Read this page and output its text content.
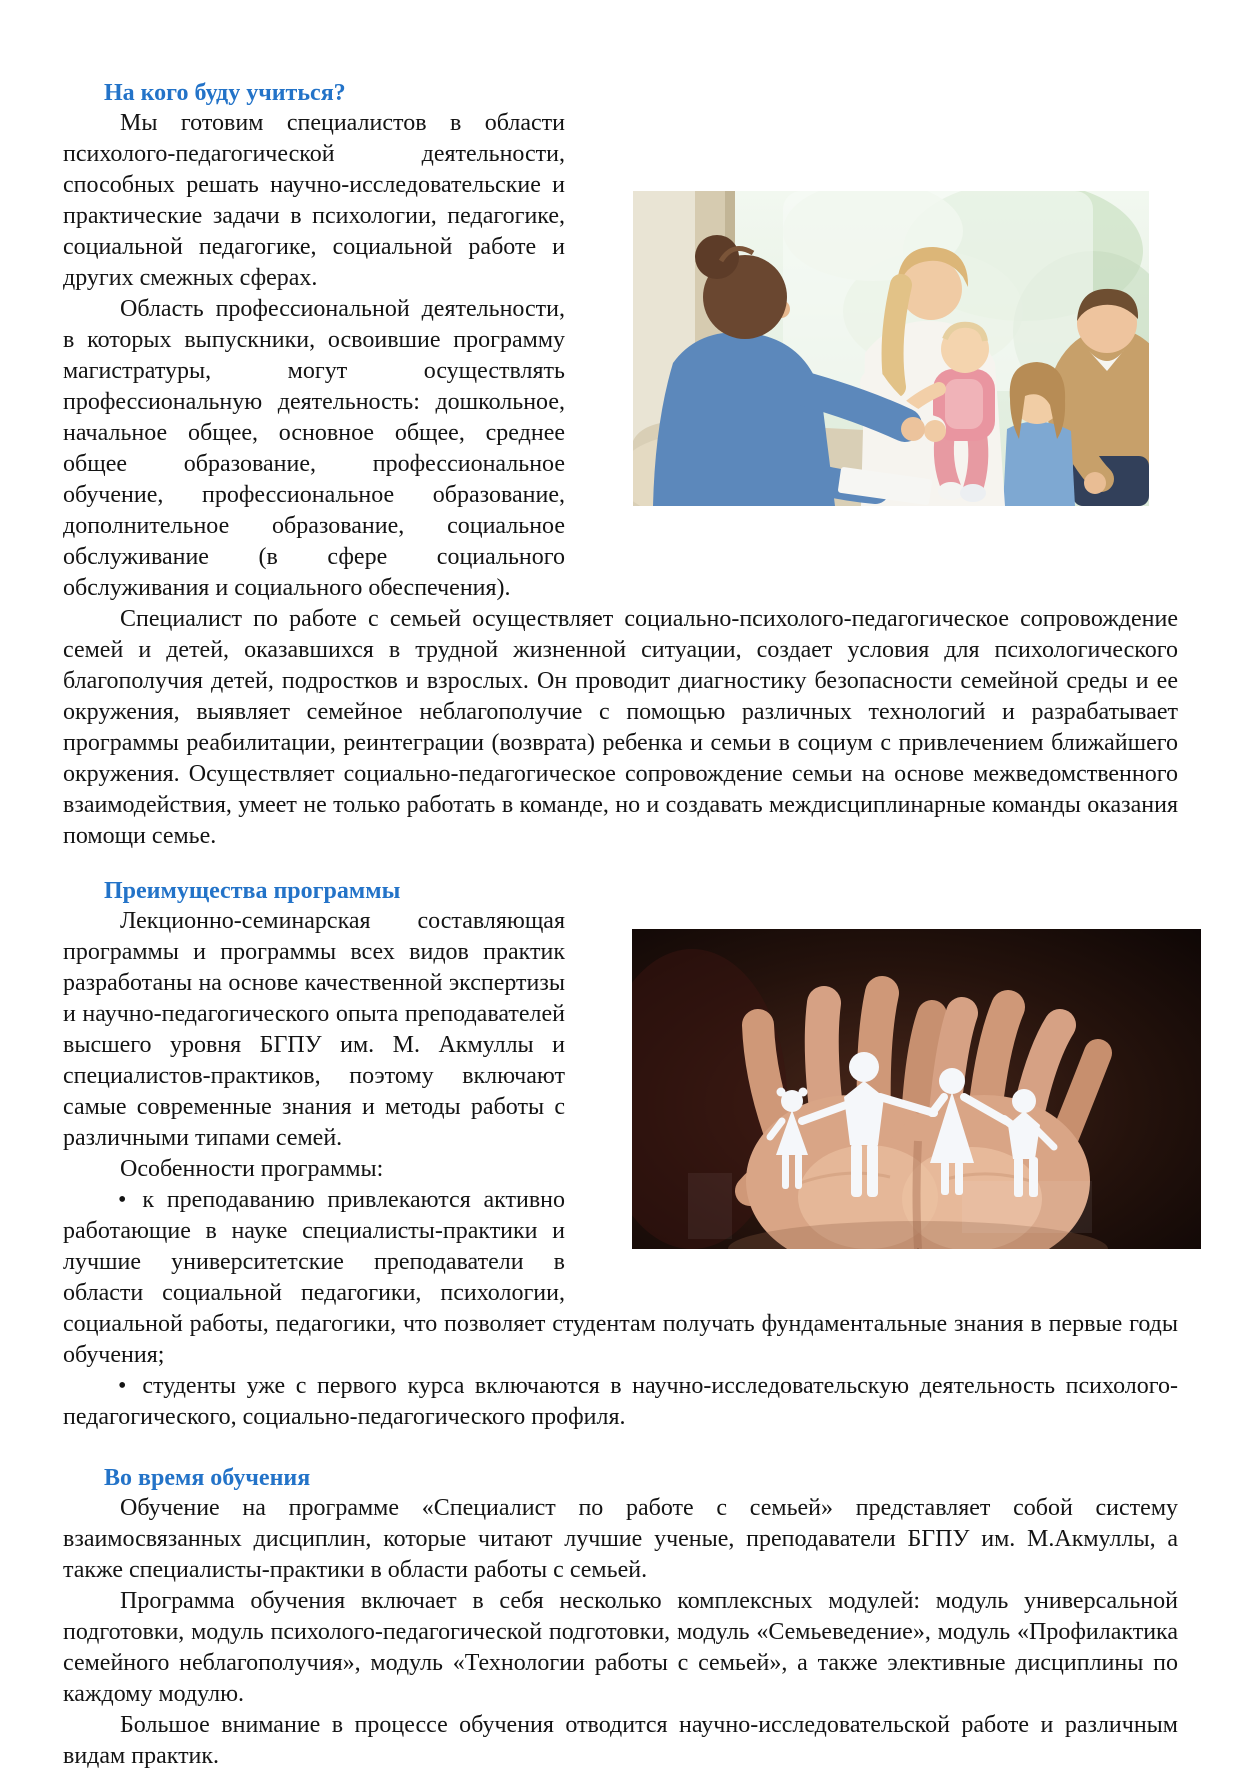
На кого буду учиться?

Мы готовим специалистов в области психолого-педагогической деятельности, способных решать научно-исследовательские и практические задачи в психологии, педагогике, социальной педагогике, социальной работе и других смежных сферах.

Область профессиональной деятельности, в которых выпускники, освоившие программу магистратуры, могут осуществлять профессиональную деятельность: дошкольное, начальное общее, основное общее, среднее общее образование, профессиональное обучение, профессиональное образование, дополнительное образование, социальное обслуживание (в сфере социального обслуживания и социального обеспечения).

Специалист по работе с семьей осуществляет социально-психолого-педагогическое сопровождение семей и детей, оказавшихся в трудной жизненной ситуации, создает условия для психологического благополучия детей, подростков и взрослых. Он проводит диагностику безопасности семейной среды и ее окружения, выявляет семейное неблагополучие с помощью различных технологий и разрабатывает программы реабилитации, реинтеграции (возврата) ребенка и семьи в социум с привлечением ближайшего окружения. Осуществляет социально-педагогическое сопровождение семьи на основе межведомственного взаимодействия, умеет не только работать в команде, но и создавать междисциплинарные команды оказания помощи семье.

Преимущества программы

Лекционно-семинарская составляющая программы и программы всех видов практик разработаны на основе качественной экспертизы и научно-педагогического опыта преподавателей высшего уровня БГПУ им. М. Акмуллы и специалистов-практиков, поэтому включают самые современные знания и методы работы с различными типами семей.

Особенности программы:

• к преподаванию привлекаются активно работающие в науке специалисты-практики и лучшие университетские преподаватели в области социальной педагогики, психологии, социальной работы, педагогики, что позволяет студентам получать фундаментальные знания в первые годы обучения;

• студенты уже с первого курса включаются в научно-исследовательскую деятельность психолого-педагогического, социально-педагогического профиля.

Во время обучения

Обучение на программе «Специалист по работе с семьей» представляет собой систему взаимосвязанных дисциплин, которые читают лучшие ученые, преподаватели БГПУ им. М.Акмуллы, а также специалисты-практики в области работы с семьей.

Программа обучения включает в себя несколько комплексных модулей: модуль универсальной подготовки, модуль психолого-педагогической подготовки, модуль «Семьеведение», модуль «Профилактика семейного неблагополучия», модуль «Технологии работы с семьей», а также элективные дисциплины по каждому модулю.

Большое внимание в процессе обучения отводится научно-исследовательской работе и различным видам практик.
